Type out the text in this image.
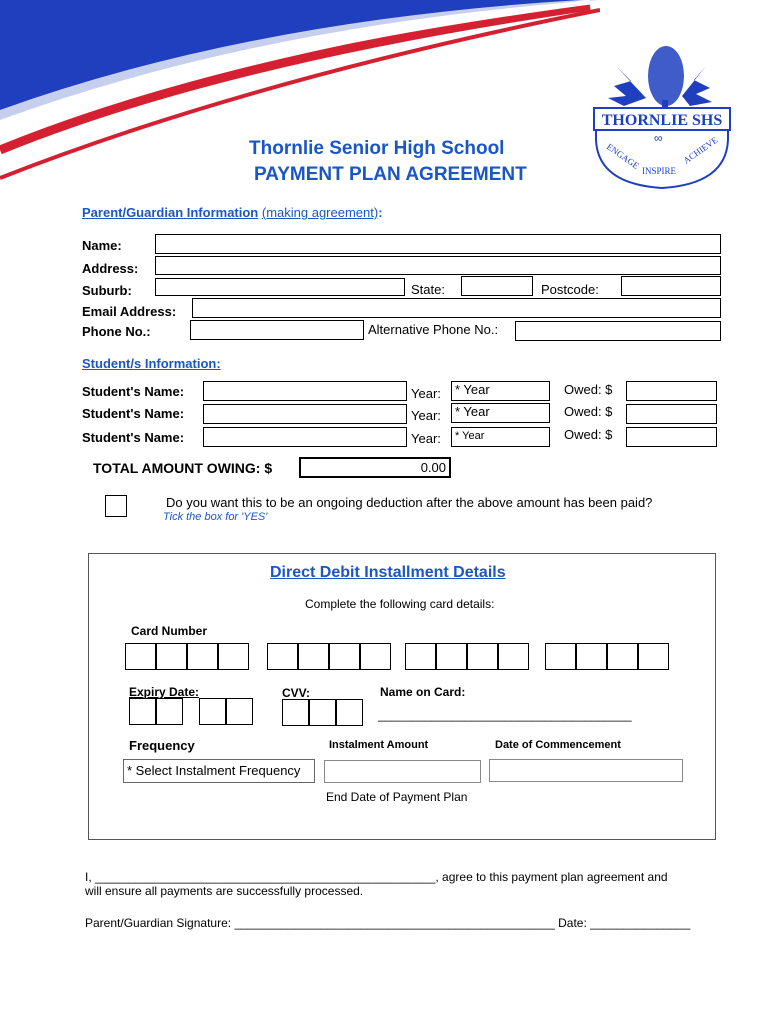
THORNLIE SHS
∞
ENGAGE
INSPIRE
ACHIEVE
Thornlie Senior High School
PAYMENT PLAN AGREEMENT
Parent/Guardian Information (making agreement):
Name:
Address:
Suburb:	State:	Postcode:
Email Address:
Phone No.:	Alternative Phone No.:
Student/s Information:
Student's Name:	Year:	* Year	Owed: $
Student's Name:	Year:	* Year	Owed: $
Student's Name:	Year:	* Year	Owed: $
TOTAL AMOUNT OWING: $	0.00
Do you want this to be an ongoing deduction after the above amount has been paid?
Tick the box for 'YES'
Direct Debit Installment Details
Complete the following card details:
Card Number
Expiry Date:	CVV:	Name on Card:
______________________________________
Frequency	Instalment Amount	Date of Commencement
* Select Instalment Frequency
End Date of Payment Plan
I, ___________________________________________________, agree to this payment plan agreement and
will ensure all payments are successfully processed.
Parent/Guardian Signature: ________________________________________________ Date: _______________
